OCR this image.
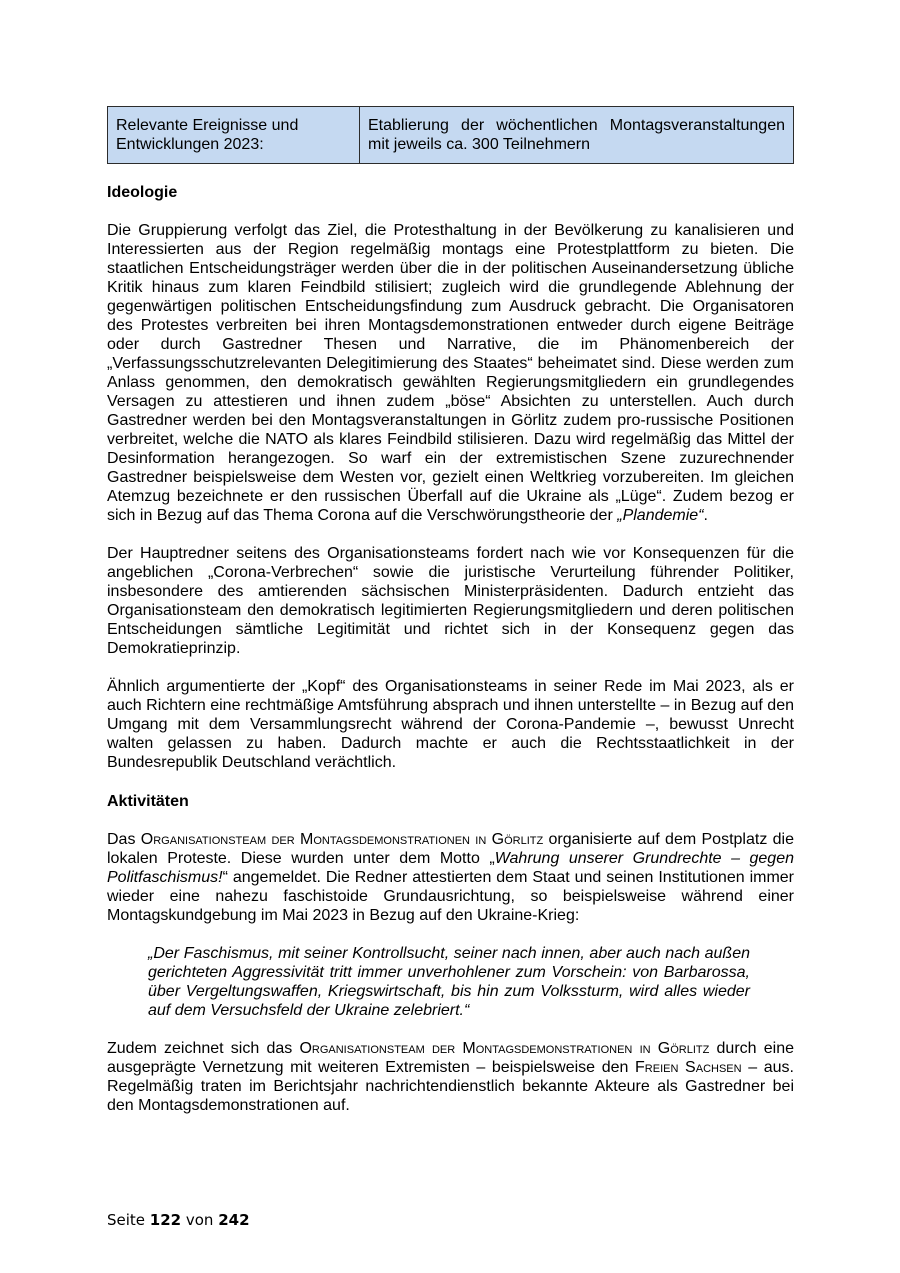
Relevante Ereignisse und Entwicklungen 2023:	Etablierung der wöchentlichen Montagsveranstaltungen mit jeweils ca. 300 Teilnehmern
Ideologie

Die Gruppierung verfolgt das Ziel, die Protesthaltung in der Bevölkerung zu kanalisieren und Interessierten aus der Region regelmäßig montags eine Protestplattform zu bieten. Die staatlichen Entscheidungsträger werden über die in der politischen Auseinandersetzung übliche Kritik hinaus zum klaren Feindbild stilisiert; zugleich wird die grundlegende Ablehnung der gegenwärtigen politischen Entscheidungsfindung zum Ausdruck gebracht. Die Organisatoren des Protestes verbreiten bei ihren Montagsdemonstrationen entweder durch eigene Beiträge oder durch Gastredner Thesen und Narrative, die im Phänomenbereich der „Verfassungsschutzrelevanten Delegitimierung des Staates“ beheimatet sind. Diese werden zum Anlass genommen, den demokratisch gewählten Regierungsmitgliedern ein grundlegendes Versagen zu attestieren und ihnen zudem „böse“ Absichten zu unterstellen. Auch durch Gastredner werden bei den Montagsveranstaltungen in Görlitz zudem pro-russische Positionen verbreitet, welche die NATO als klares Feindbild stilisieren. Dazu wird regelmäßig das Mittel der Desinformation herangezogen. So warf ein der extremistischen Szene zuzurechnender Gastredner beispielsweise dem Westen vor, gezielt einen Weltkrieg vorzubereiten. Im gleichen Atemzug bezeichnete er den russischen Überfall auf die Ukraine als „Lüge“. Zudem bezog er sich in Bezug auf das Thema Corona auf die Verschwörungstheorie der „Plandemie“.

Der Hauptredner seitens des Organisationsteams fordert nach wie vor Konsequenzen für die angeblichen „Corona-Verbrechen“ sowie die juristische Verurteilung führender Politiker, insbesondere des amtierenden sächsischen Ministerpräsidenten. Dadurch entzieht das Organisationsteam den demokratisch legitimierten Regierungsmitgliedern und deren politischen Entscheidungen sämtliche Legitimität und richtet sich in der Konsequenz gegen das Demokratieprinzip.

Ähnlich argumentierte der „Kopf“ des Organisationsteams in seiner Rede im Mai 2023, als er auch Richtern eine rechtmäßige Amtsführung absprach und ihnen unterstellte – in Bezug auf den Umgang mit dem Versammlungsrecht während der Corona-Pandemie –, bewusst Unrecht walten gelassen zu haben. Dadurch machte er auch die Rechtsstaatlichkeit in der Bundesrepublik Deutschland verächtlich.

Aktivitäten

Das Organisationsteam der Montagsdemonstrationen in Görlitz organisierte auf dem Postplatz die lokalen Proteste. Diese wurden unter dem Motto „Wahrung unserer Grundrechte – gegen Politfaschismus!“ angemeldet. Die Redner attestierten dem Staat und seinen Institutionen immer wieder eine nahezu faschistoide Grundausrichtung, so beispielsweise während einer Montagskundgebung im Mai 2023 in Bezug auf den Ukraine-Krieg:

„Der Faschismus, mit seiner Kontrollsucht, seiner nach innen, aber auch nach außen gerichteten Aggressivität tritt immer unverhohlener zum Vorschein: von Barbarossa, über Vergeltungswaffen, Kriegswirtschaft, bis hin zum Volkssturm, wird alles wieder auf dem Versuchsfeld der Ukraine zelebriert.“

Zudem zeichnet sich das Organisationsteam der Montagsdemonstrationen in Görlitz durch eine ausgeprägte Vernetzung mit weiteren Extremisten – beispielsweise den Freien Sachsen – aus. Regelmäßig traten im Berichtsjahr nachrichtendienstlich bekannte Akteure als Gastredner bei den Montagsdemonstrationen auf.

Seite 122 von 242
